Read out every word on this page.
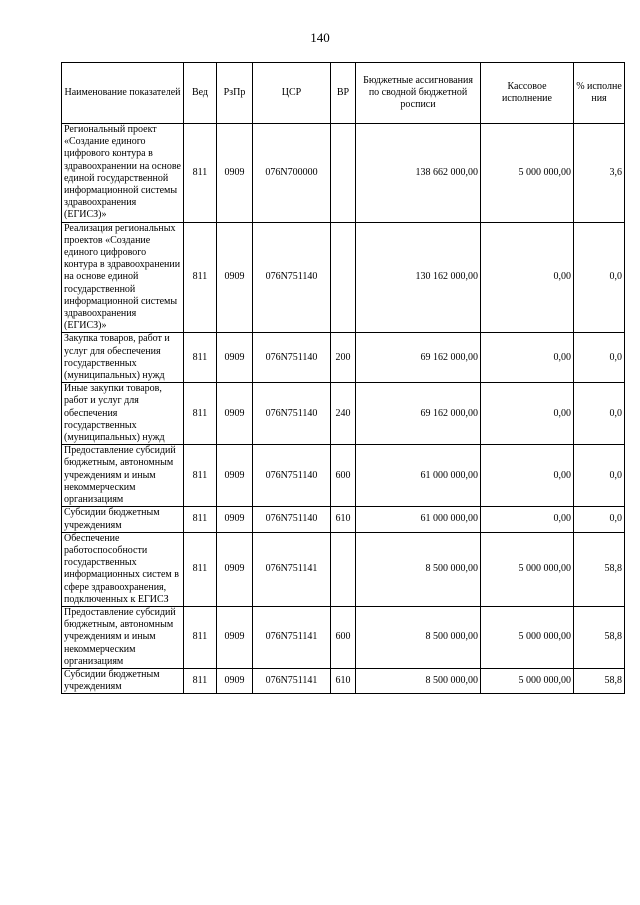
140
Наименование показателей	Вед	РзПр	ЦСР	ВР	Бюджетные ассигнования по сводной бюджетной росписи	Кассовое исполнение	% исполне ния
Региональный проект «Создание единого цифрового контура в здравоохранении на основе единой государственной информационной системы здравоохранения (ЕГИСЗ)»	811	0909	076N700000		138 662 000,00	5 000 000,00	3,6
Реализация региональных проектов «Создание единого цифрового контура в здравоохранении на основе единой государственной информационной системы здравоохранения (ЕГИСЗ)»	811	0909	076N751140		130 162 000,00	0,00	0,0
Закупка товаров, работ и услуг для обеспечения государственных (муниципальных) нужд	811	0909	076N751140	200	69 162 000,00	0,00	0,0
Иные закупки товаров, работ и услуг для обеспечения государственных (муниципальных) нужд	811	0909	076N751140	240	69 162 000,00	0,00	0,0
Предоставление субсидий бюджетным, автономным учреждениям и иным некоммерческим организациям	811	0909	076N751140	600	61 000 000,00	0,00	0,0
Субсидии бюджетным учреждениям	811	0909	076N751140	610	61 000 000,00	0,00	0,0
Обеспечение работоспособности государственных информационных систем в сфере здравоохранения, подключенных к ЕГИСЗ	811	0909	076N751141		8 500 000,00	5 000 000,00	58,8
Предоставление субсидий бюджетным, автономным учреждениям и иным некоммерческим организациям	811	0909	076N751141	600	8 500 000,00	5 000 000,00	58,8
Субсидии бюджетным учреждениям	811	0909	076N751141	610	8 500 000,00	5 000 000,00	58,8
